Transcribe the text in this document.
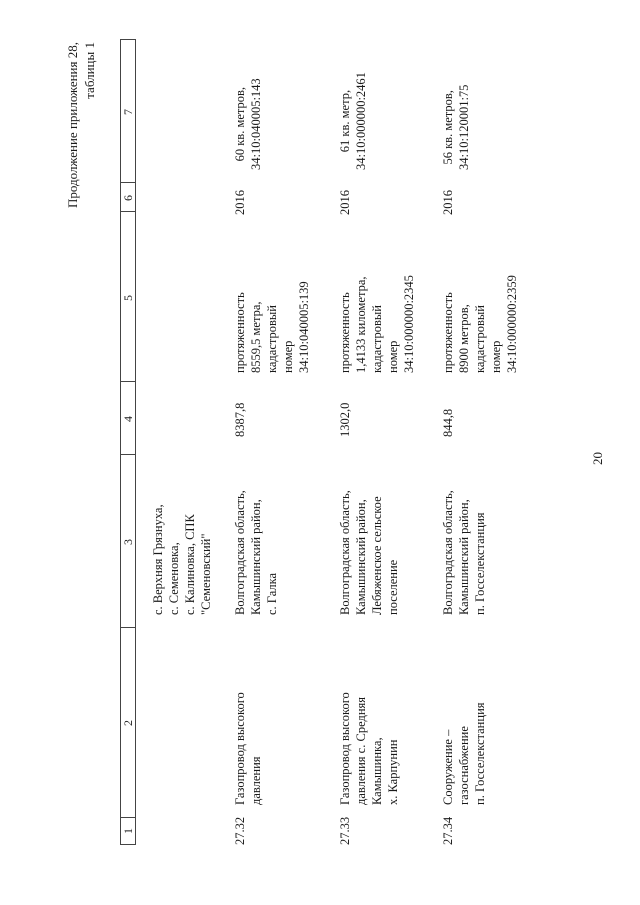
20
Продолжение приложения 28, таблицы 1
1
2
3
4
5
6
7
с. Верхняя Грязнуха,
с. Семеновка,
с. Калиновка, СПК
"Семеновский"
27.32
Газопровод высокого
давления
Волгоградская область,
Камышинский район,
с. Галка
8387,8
протяженность
8559,5 метра,
кадастровый
номер
34:10:040005:139
2016
60 кв. метров,
34:10:040005:143
27.33
Газопровод высокого
давления с. Средняя
Камышинка,
х. Карпунин
Волгоградская область,
Камышинский район,
Лебяженское сельское
поселение
1302,0
протяженность
1,4133 километра,
кадастровый
номер
34:10:000000:2345
2016
61 кв. метр,
34:10:000000:2461
27.34
Сооружение –
газоснабжение
п. Госселекстанция
Волгоградская область,
Камышинский район,
п. Госселекстанция
844,8
протяженность
8900 метров,
кадастровый
номер
34:10:000000:2359
2016
56 кв. метров,
34:10:120001:75
